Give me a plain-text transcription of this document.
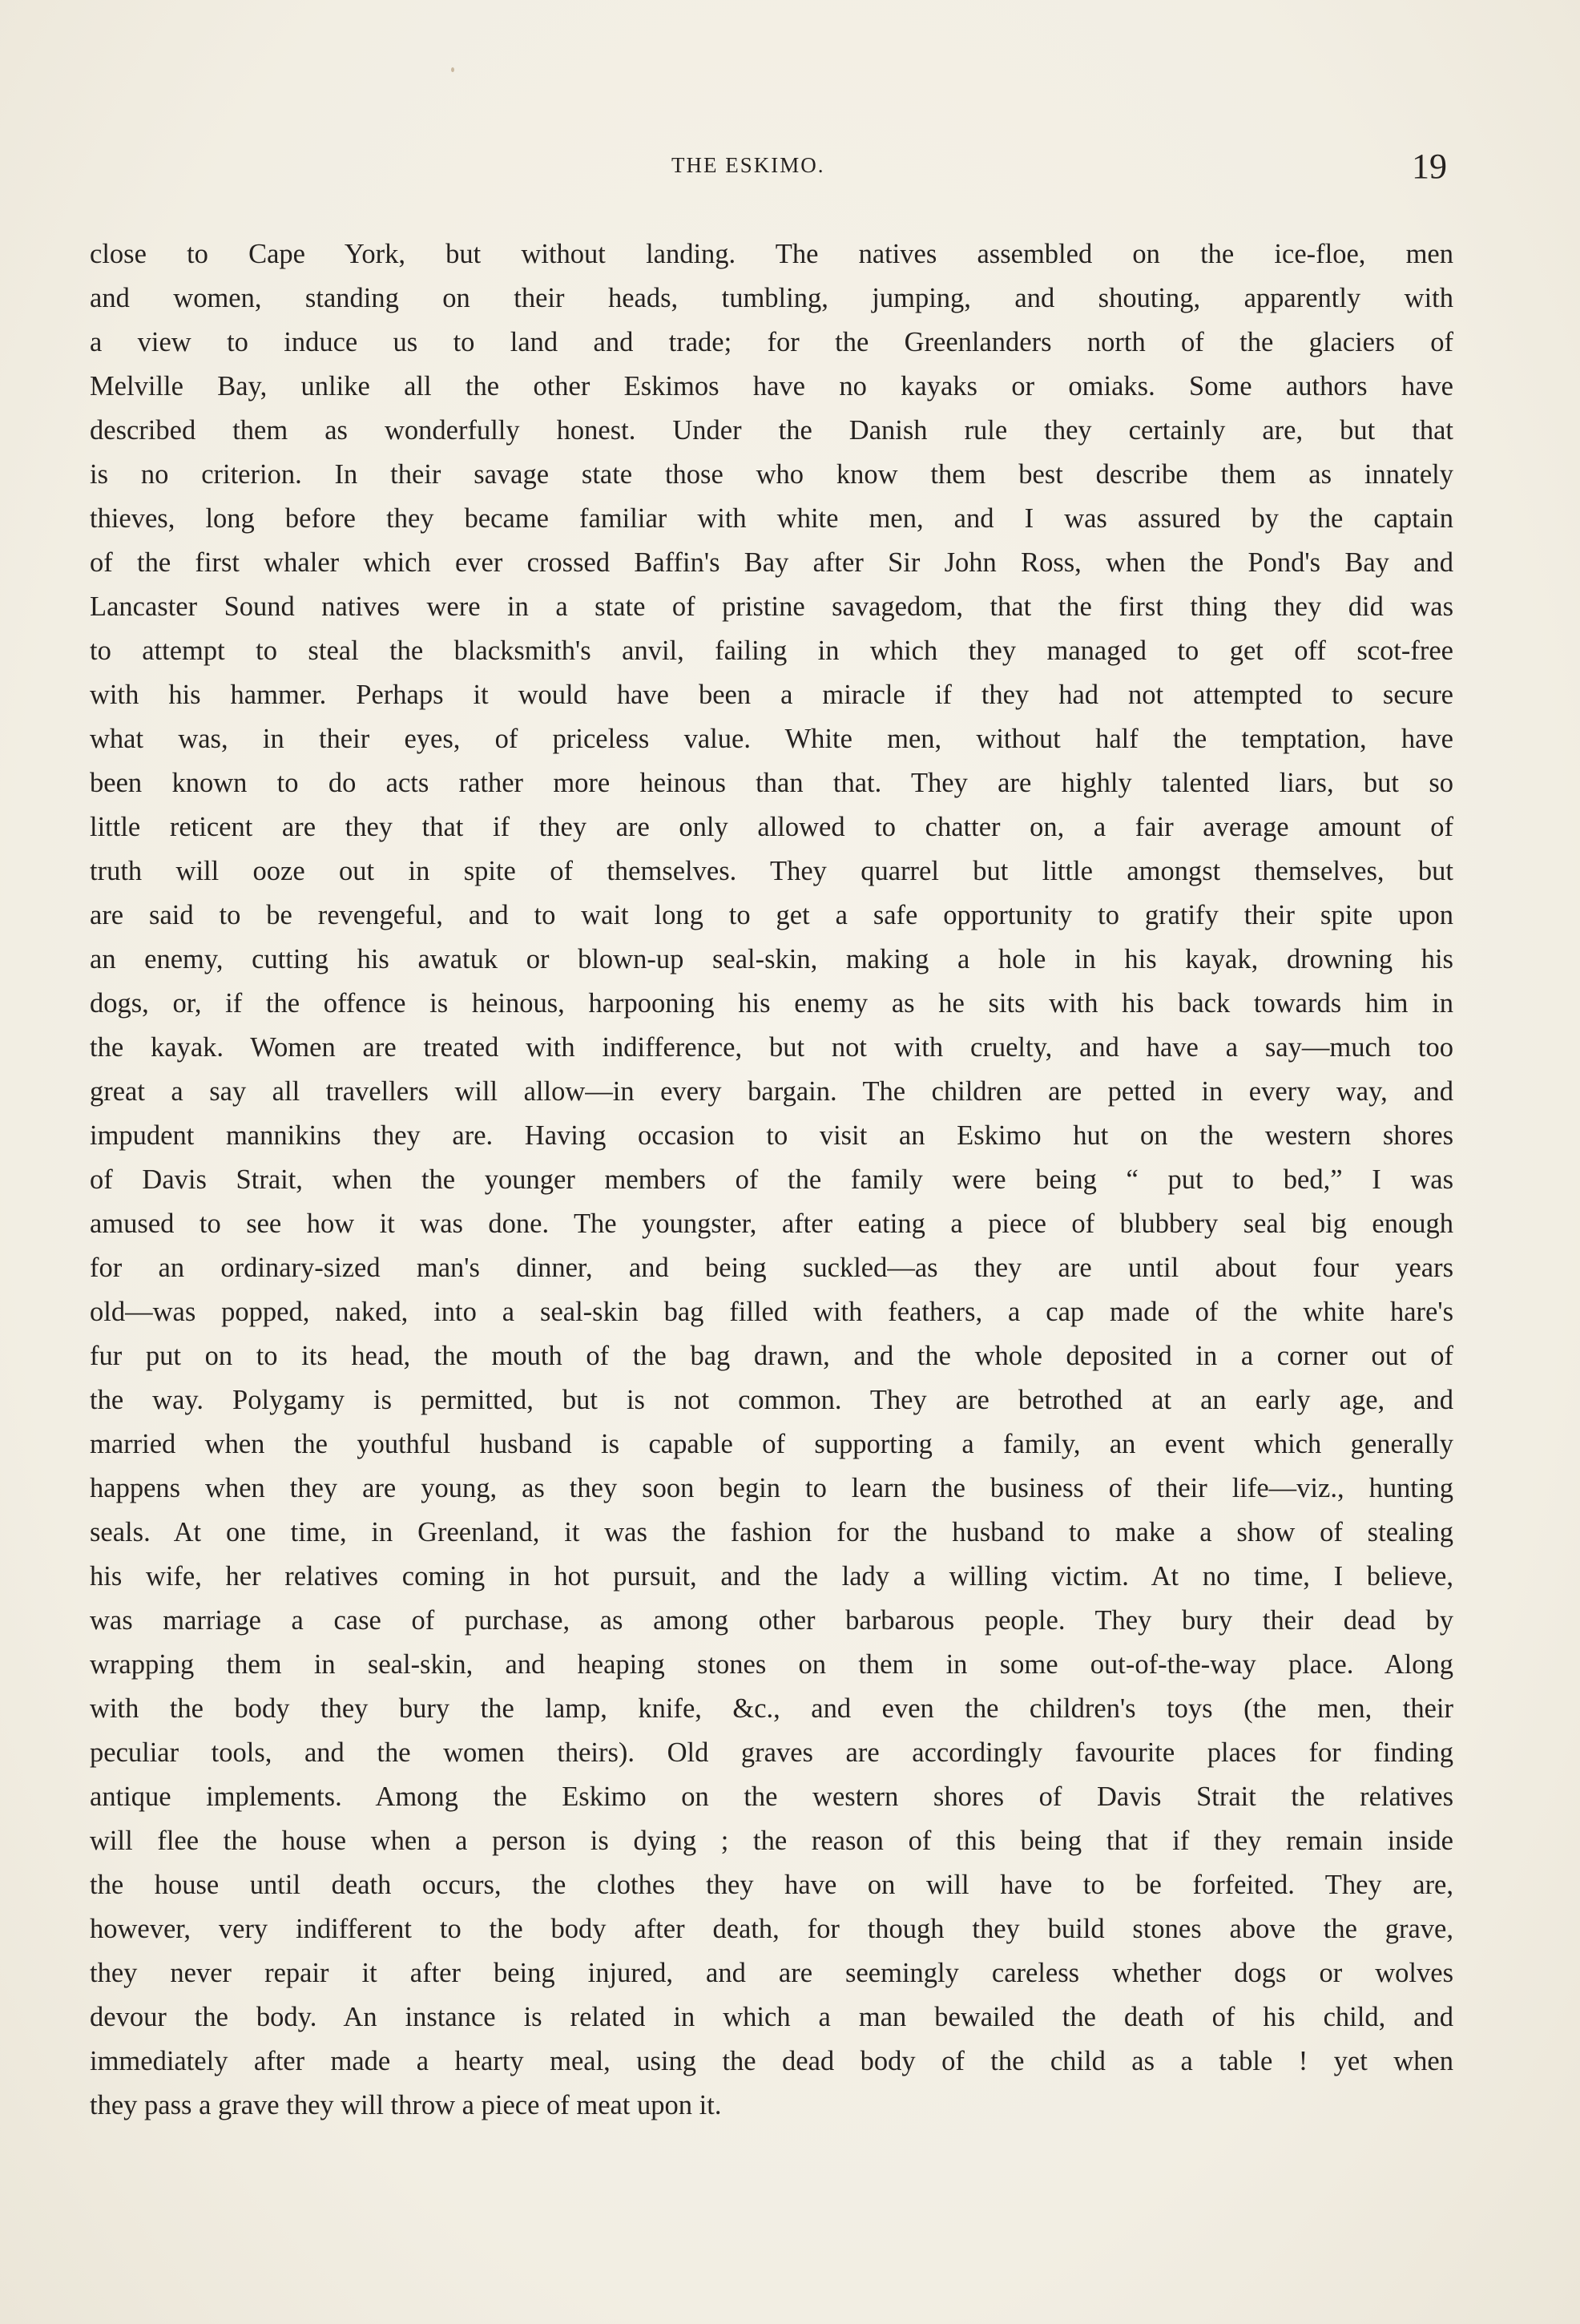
THE ESKIMO.	19
close to Cape York, but without landing. The natives assembled on the ice-floe, men
and women, standing on their heads, tumbling, jumping, and shouting, apparently with
a view to induce us to land and trade; for the Greenlanders north of the glaciers of
Melville Bay, unlike all the other Eskimos have no kayaks or omiaks. Some authors have
described them as wonderfully honest. Under the Danish rule they certainly are, but that
is no criterion. In their savage state those who know them best describe them as innately
thieves, long before they became familiar with white men, and I was assured by the captain
of the first whaler which ever crossed Baffin's Bay after Sir John Ross, when the Pond's Bay and
Lancaster Sound natives were in a state of pristine savagedom, that the first thing they did was
to attempt to steal the blacksmith's anvil, failing in which they managed to get off scot-free
with his hammer. Perhaps it would have been a miracle if they had not attempted to secure
what was, in their eyes, of priceless value. White men, without half the temptation, have
been known to do acts rather more heinous than that. They are highly talented liars, but so
little reticent are they that if they are only allowed to chatter on, a fair average amount of
truth will ooze out in spite of themselves. They quarrel but little amongst themselves, but
are said to be revengeful, and to wait long to get a safe opportunity to gratify their spite upon
an enemy, cutting his awatuk or blown-up seal-skin, making a hole in his kayak, drowning his
dogs, or, if the offence is heinous, harpooning his enemy as he sits with his back towards him in
the kayak. Women are treated with indifference, but not with cruelty, and have a say—much too
great a say all travellers will allow—in every bargain. The children are petted in every way, and
impudent mannikins they are. Having occasion to visit an Eskimo hut on the western shores
of Davis Strait, when the younger members of the family were being “ put to bed,” I was
amused to see how it was done. The youngster, after eating a piece of blubbery seal big enough
for an ordinary-sized man's dinner, and being suckled—as they are until about four years
old—was popped, naked, into a seal-skin bag filled with feathers, a cap made of the white hare's
fur put on to its head, the mouth of the bag drawn, and the whole deposited in a corner out of
the way. Polygamy is permitted, but is not common. They are betrothed at an early age, and
married when the youthful husband is capable of supporting a family, an event which generally
happens when they are young, as they soon begin to learn the business of their life—viz., hunting
seals. At one time, in Greenland, it was the fashion for the husband to make a show of stealing
his wife, her relatives coming in hot pursuit, and the lady a willing victim. At no time, I believe,
was marriage a case of purchase, as among other barbarous people. They bury their dead by
wrapping them in seal-skin, and heaping stones on them in some out-of-the-way place. Along
with the body they bury the lamp, knife, &c., and even the children's toys (the men, their
peculiar tools, and the women theirs). Old graves are accordingly favourite places for finding
antique implements. Among the Eskimo on the western shores of Davis Strait the relatives
will flee the house when a person is dying ; the reason of this being that if they remain inside
the house until death occurs, the clothes they have on will have to be forfeited. They are,
however, very indifferent to the body after death, for though they build stones above the grave,
they never repair it after being injured, and are seemingly careless whether dogs or wolves
devour the body. An instance is related in which a man bewailed the death of his child, and
immediately after made a hearty meal, using the dead body of the child as a table ! yet when
they pass a grave they will throw a piece of meat upon it.
